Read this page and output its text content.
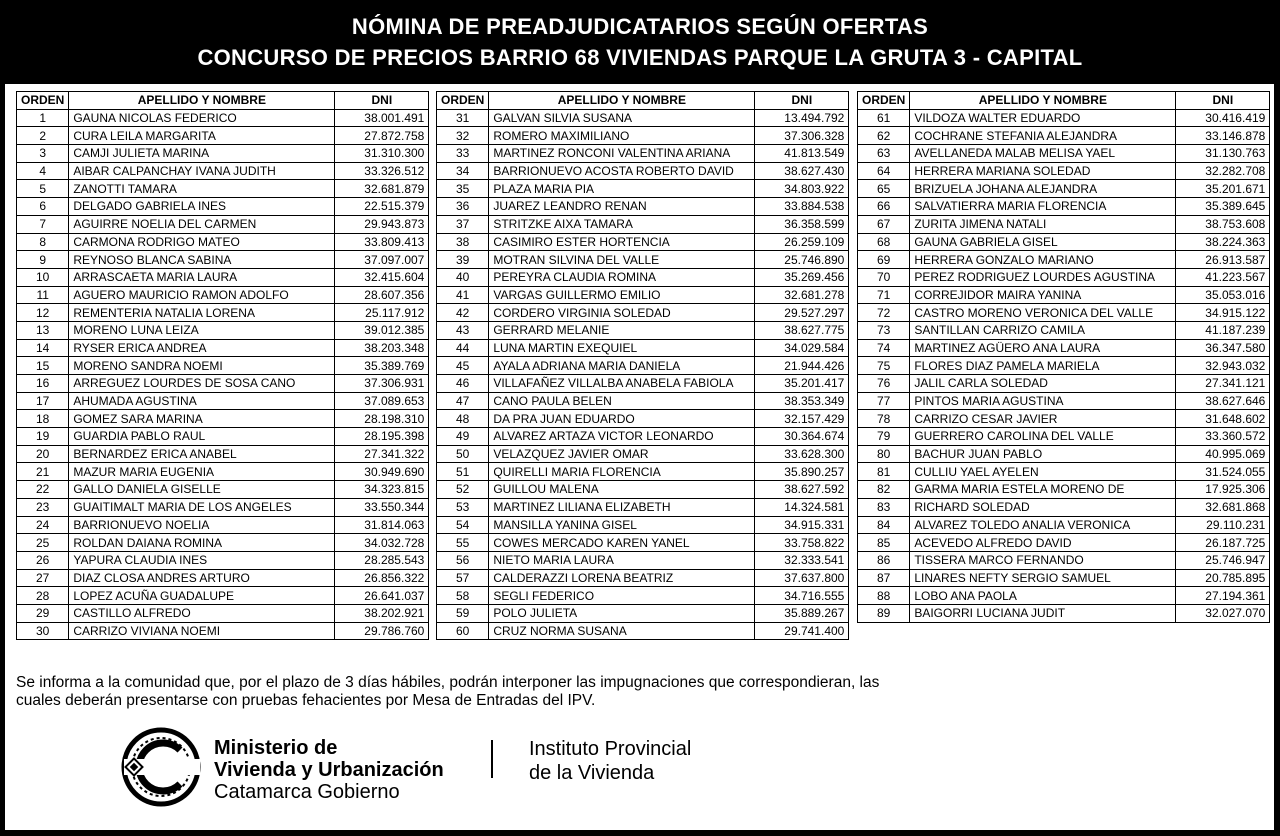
NÓMINA DE PREADJUDICATARIOS SEGÚN OFERTAS
CONCURSO DE PRECIOS BARRIO 68 VIVIENDAS PARQUE LA GRUTA 3 - CAPITAL
ORDEN	APELLIDO Y NOMBRE	DNI
1	GAUNA NICOLAS FEDERICO	38.001.491
2	CURA LEILA MARGARITA	27.872.758
3	CAMJI JULIETA MARINA	31.310.300
4	AIBAR CALPANCHAY IVANA JUDITH	33.326.512
5	ZANOTTI TAMARA	32.681.879
6	DELGADO GABRIELA INES	22.515.379
7	AGUIRRE NOELIA DEL CARMEN	29.943.873
8	CARMONA RODRIGO MATEO	33.809.413
9	REYNOSO BLANCA SABINA	37.097.007
10	ARRASCAETA MARIA LAURA	32.415.604
11	AGUERO MAURICIO RAMON ADOLFO	28.607.356
12	REMENTERIA NATALIA LORENA	25.117.912
13	MORENO LUNA LEIZA	39.012.385
14	RYSER ERICA ANDREA	38.203.348
15	MORENO SANDRA NOEMI	35.389.769
16	ARREGUEZ LOURDES DE SOSA CANO	37.306.931
17	AHUMADA AGUSTINA	37.089.653
18	GOMEZ SARA MARINA	28.198.310
19	GUARDIA PABLO RAUL	28.195.398
20	BERNARDEZ ERICA ANABEL	27.341.322
21	MAZUR MARIA EUGENIA	30.949.690
22	GALLO DANIELA GISELLE	34.323.815
23	GUAITIMALT MARIA DE LOS ANGELES	33.550.344
24	BARRIONUEVO NOELIA	31.814.063
25	ROLDAN DAIANA ROMINA	34.032.728
26	YAPURA CLAUDIA INES	28.285.543
27	DIAZ CLOSA ANDRES ARTURO	26.856.322
28	LOPEZ ACUÑA GUADALUPE	26.641.037
29	CASTILLO ALFREDO	38.202.921
30	CARRIZO VIVIANA NOEMI	29.786.760
ORDEN	APELLIDO Y NOMBRE	DNI
31	GALVAN SILVIA SUSANA	13.494.792
32	ROMERO MAXIMILIANO	37.306.328
33	MARTINEZ RONCONI VALENTINA ARIANA	41.813.549
34	BARRIONUEVO ACOSTA ROBERTO DAVID	38.627.430
35	PLAZA MARIA PIA	34.803.922
36	JUAREZ LEANDRO RENAN	33.884.538
37	STRITZKE AIXA TAMARA	36.358.599
38	CASIMIRO ESTER HORTENCIA	26.259.109
39	MOTRAN SILVINA DEL VALLE	25.746.890
40	PEREYRA CLAUDIA ROMINA	35.269.456
41	VARGAS GUILLERMO EMILIO	32.681.278
42	CORDERO VIRGINIA SOLEDAD	29.527.297
43	GERRARD MELANIE	38.627.775
44	LUNA MARTIN EXEQUIEL	34.029.584
45	AYALA ADRIANA MARIA DANIELA	21.944.426
46	VILLAFAÑEZ VILLALBA ANABELA FABIOLA	35.201.417
47	CANO PAULA BELEN	38.353.349
48	DA PRA JUAN EDUARDO	32.157.429
49	ALVAREZ ARTAZA VICTOR LEONARDO	30.364.674
50	VELAZQUEZ JAVIER OMAR	33.628.300
51	QUIRELLI MARIA FLORENCIA	35.890.257
52	GUILLOU MALENA	38.627.592
53	MARTINEZ LILIANA ELIZABETH	14.324.581
54	MANSILLA YANINA GISEL	34.915.331
55	COWES MERCADO KAREN YANEL	33.758.822
56	NIETO MARIA LAURA	32.333.541
57	CALDERAZZI LORENA BEATRIZ	37.637.800
58	SEGLI FEDERICO	34.716.555
59	POLO JULIETA	35.889.267
60	CRUZ NORMA SUSANA	29.741.400
ORDEN	APELLIDO Y NOMBRE	DNI
61	VILDOZA WALTER EDUARDO	30.416.419
62	COCHRANE STEFANIA ALEJANDRA	33.146.878
63	AVELLANEDA MALAB MELISA YAEL	31.130.763
64	HERRERA MARIANA SOLEDAD	32.282.708
65	BRIZUELA JOHANA ALEJANDRA	35.201.671
66	SALVATIERRA MARIA FLORENCIA	35.389.645
67	ZURITA JIMENA NATALI	38.753.608
68	GAUNA GABRIELA GISEL	38.224.363
69	HERRERA GONZALO MARIANO	26.913.587
70	PEREZ RODRIGUEZ LOURDES AGUSTINA	41.223.567
71	CORREJIDOR MAIRA YANINA	35.053.016
72	CASTRO MORENO VERONICA DEL VALLE	34.915.122
73	SANTILLAN CARRIZO CAMILA	41.187.239
74	MARTINEZ AGÜERO ANA LAURA	36.347.580
75	FLORES DIAZ PAMELA MARIELA	32.943.032
76	JALIL CARLA SOLEDAD	27.341.121
77	PINTOS MARIA AGUSTINA	38.627.646
78	CARRIZO CESAR JAVIER	31.648.602
79	GUERRERO CAROLINA DEL VALLE	33.360.572
80	BACHUR JUAN PABLO	40.995.069
81	CULLIU YAEL AYELEN	31.524.055
82	GARMA MARIA ESTELA MORENO DE	17.925.306
83	RICHARD SOLEDAD	32.681.868
84	ALVAREZ TOLEDO ANALIA VERONICA	29.110.231
85	ACEVEDO ALFREDO DAVID	26.187.725
86	TISSERA MARCO FERNANDO	25.746.947
87	LINARES NEFTY SERGIO SAMUEL	20.785.895
88	LOBO ANA PAOLA	27.194.361
89	BAIGORRI LUCIANA JUDIT	32.027.070
Se informa a la comunidad que, por el plazo de 3 días hábiles, podrán interponer las impugnaciones que correspondieran, las cuales deberán presentarse con pruebas fehacientes por Mesa de Entradas del IPV.
Ministerio de
Vivienda y Urbanización
Catamarca Gobierno
Instituto Provincial
de la Vivienda
